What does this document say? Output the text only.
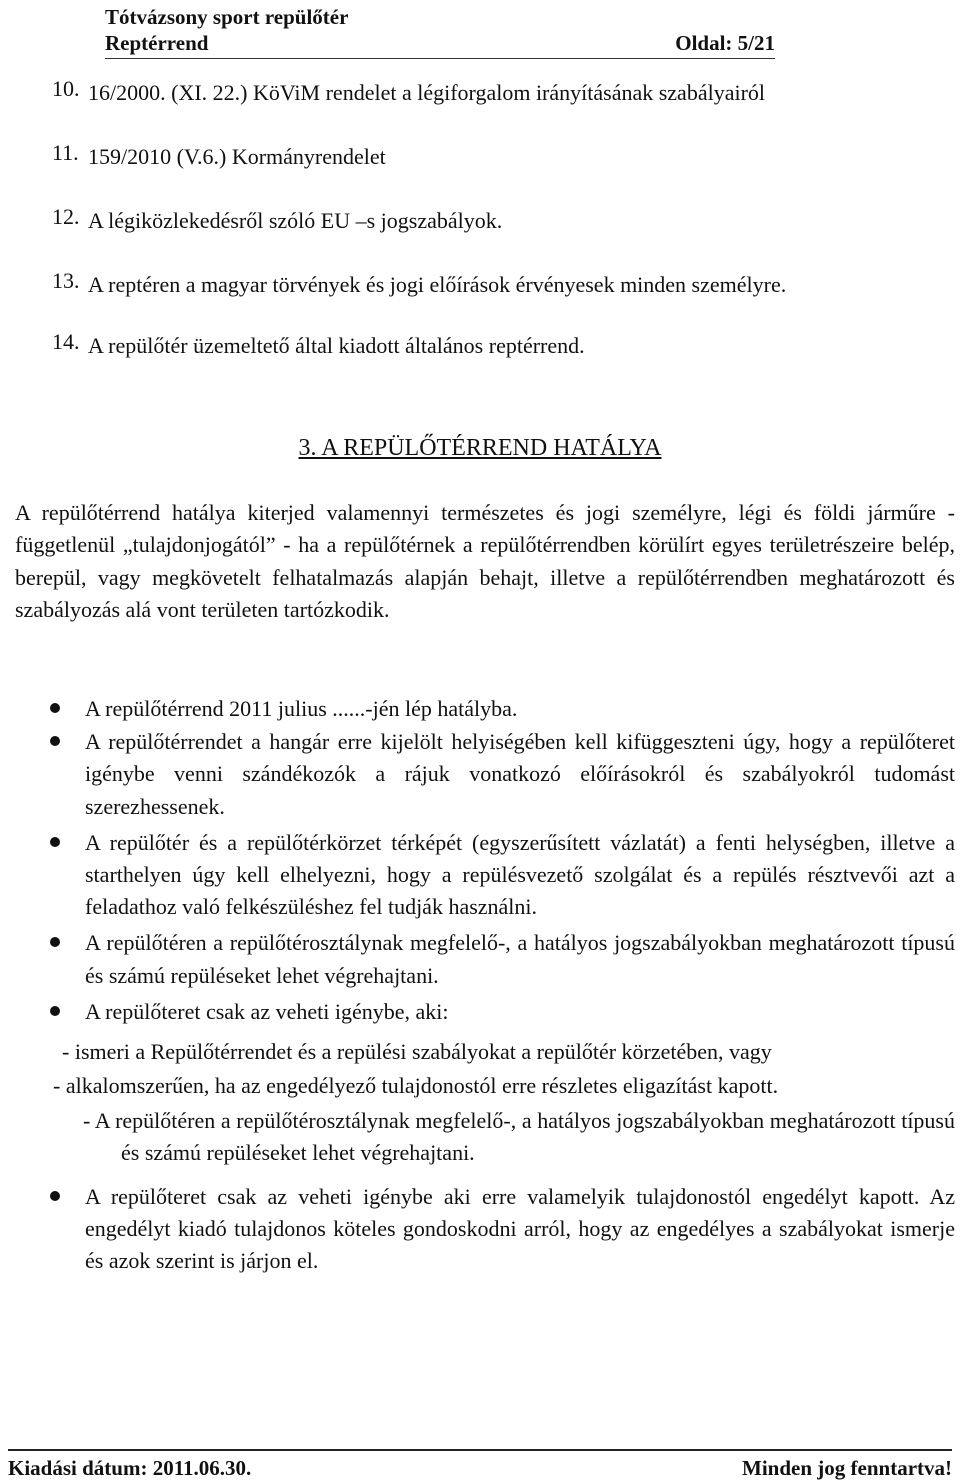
Tótvázsony sport repülőtér
Reptérrend	Oldal: 5/21
10. 16/2000. (XI. 22.) KöViM rendelet a légiforgalom irányításának szabályairól
11. 159/2010 (V.6.) Kormányrendelet
12. A légiközlekedésről szóló EU –s jogszabályok.
13. A reptéren a magyar törvények és jogi előírások érvényesek minden személyre.
14. A repülőtér üzemeltető által kiadott általános reptérrend.
3. A REPÜLŐTÉRREND HATÁLYA
A repülőtérrend hatálya kiterjed valamennyi természetes és jogi személyre, légi és földi járműre - függetlenül „tulajdonjogától” - ha a repülőtérnek a repülőtérrendben körülírt egyes területrészeire belép, berepül, vagy megkövetelt felhatalmazás alapján behajt, illetve a repülőtérrendben meghatározott és szabályozás alá vont területen tartózkodik.
A repülőtérrend 2011 julius ......-jén lép hatályba.
A repülőtérrendet a hangár erre kijelölt helyiségében kell kifüggeszteni úgy, hogy a repülőteret igénybe venni szándékozók a rájuk vonatkozó előírásokról és szabályokról tudomást szerezhessenek.
A repülőtér és a repülőtérkörzet térképét (egyszerűsített vázlatát) a fenti helységben, illetve a starthelyen úgy kell elhelyezni, hogy a repülésvezető szolgálat és a repülés résztvevői azt a feladathoz való felkészüléshez fel tudják használni.
A repülőtéren a repülőtérosztálynak megfelelő-, a hatályos jogszabályokban meghatározott típusú és számú repüléseket lehet végrehajtani.
A repülőteret csak az veheti igénybe, aki:
- ismeri a Repülőtérrendet és a repülési szabályokat a repülőtér körzetében, vagy
- alkalomszerűen, ha az engedélyező tulajdonostól erre részletes eligazítást kapott.
- A repülőtéren a repülőtérosztálynak megfelelő-, a hatályos jogszabályokban meghatározott típusú és számú repüléseket lehet végrehajtani.
A repülőteret csak az veheti igénybe aki erre valamelyik tulajdonostól engedélyt kapott. Az engedélyt kiadó tulajdonos köteles gondoskodni arról, hogy az engedélyes a szabályokat ismerje és azok szerint is járjon el.
Kiadási dátum: 2011.06.30.	Minden jog fenntartva!
